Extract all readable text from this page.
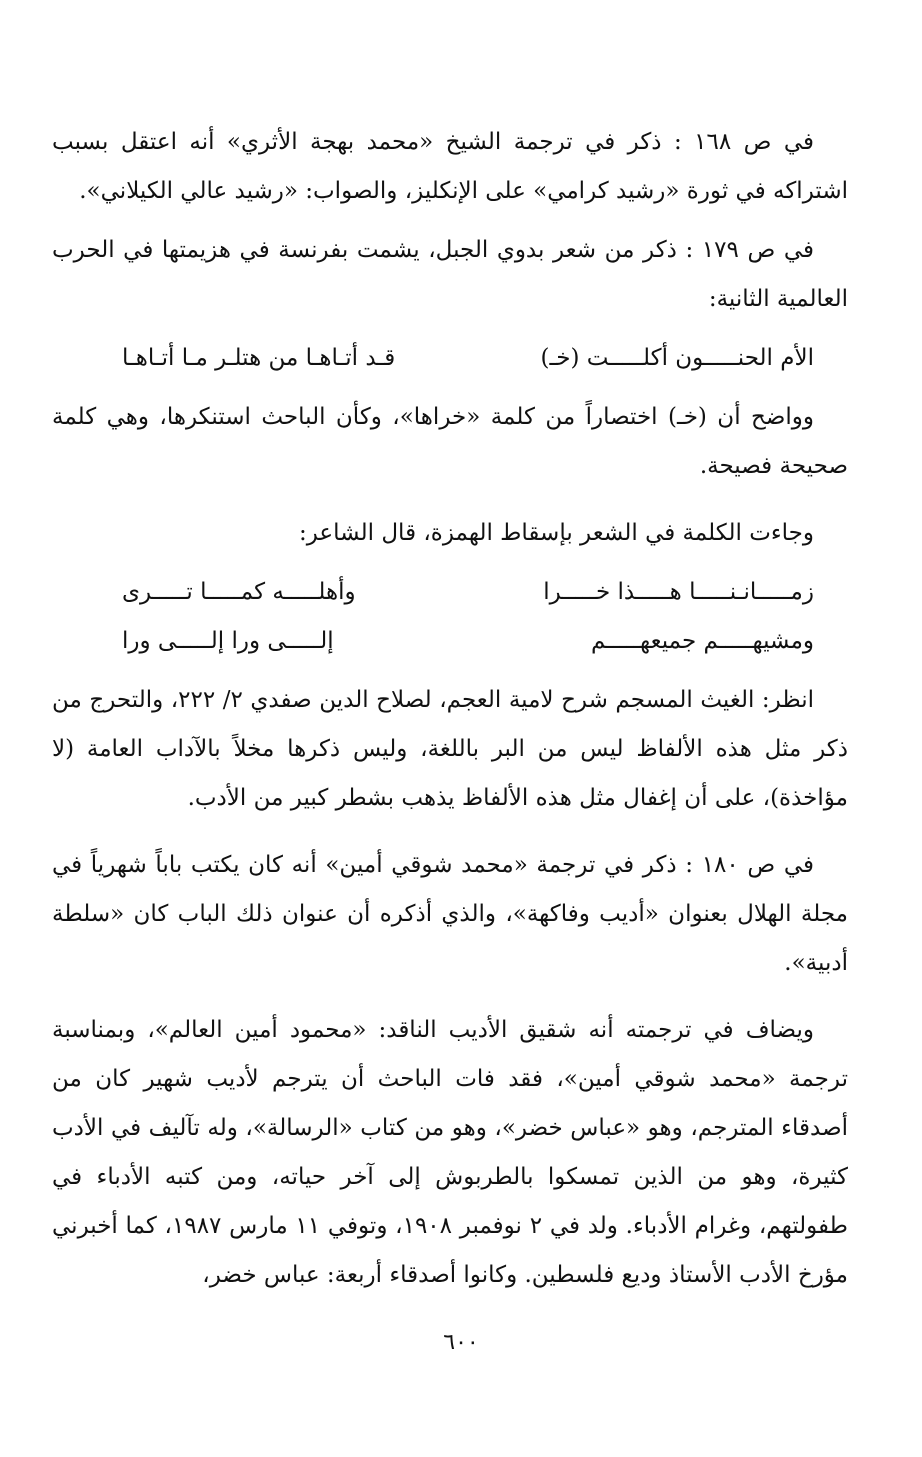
في ص ١٦٨ : ذكر في ترجمة الشيخ «محمد بهجة الأثري» أنه اعتقل بسبب اشتراكه في ثورة «رشيد كرامي» على الإنكليز، والصواب: «رشيد عالي الكيلاني».

في ص ١٧٩ : ذكر من شعر بدوي الجبل، يشمت بفرنسة في هزيمتها في الحرب العالمية الثانية:

الأم الحنـــــون أكلـــــت (خـ)
قـد أتـاهـا من هتلـر مـا أتـاهـا

وواضح أن (خـ) اختصاراً من كلمة «خراها»، وكأن الباحث استنكرها، وهي كلمة صحيحة فصيحة.

وجاءت الكلمة في الشعر بإسقاط الهمزة، قال الشاعر:

زمـــــانـنـــــا هـــــذا خـــــرا
وأهلـــــه كمـــــا تـــــرى
ومشيهـــــم جميعهـــــم
إلـــــى ورا إلـــــى ورا

انظر: الغيث المسجم شرح لامية العجم، لصلاح الدين صفدي ٢/ ٢٢٢، والتحرج من ذكر مثل هذه الألفاظ ليس من البر باللغة، وليس ذكرها مخلاً بالآداب العامة (لا مؤاخذة)، على أن إغفال مثل هذه الألفاظ يذهب بشطر كبير من الأدب.

في ص ١٨٠ : ذكر في ترجمة «محمد شوقي أمين» أنه كان يكتب باباً شهرياً في مجلة الهلال بعنوان «أديب وفاكهة»، والذي أذكره أن عنوان ذلك الباب كان «سلطة أدبية».

ويضاف في ترجمته أنه شقيق الأديب الناقد: «محمود أمين العالم»، وبمناسبة ترجمة «محمد شوقي أمين»، فقد فات الباحث أن يترجم لأديب شهير كان من أصدقاء المترجم، وهو «عباس خضر»، وهو من كتاب «الرسالة»، وله تآليف في الأدب كثيرة، وهو من الذين تمسكوا بالطربوش إلى آخر حياته، ومن كتبه الأدباء في طفولتهم، وغرام الأدباء. ولد في ٢ نوفمبر ١٩٠٨، وتوفي ١١ مارس ١٩٨٧، كما أخبرني مؤرخ الأدب الأستاذ وديع فلسطين. وكانوا أصدقاء أربعة: عباس خضر،

٦٠٠
